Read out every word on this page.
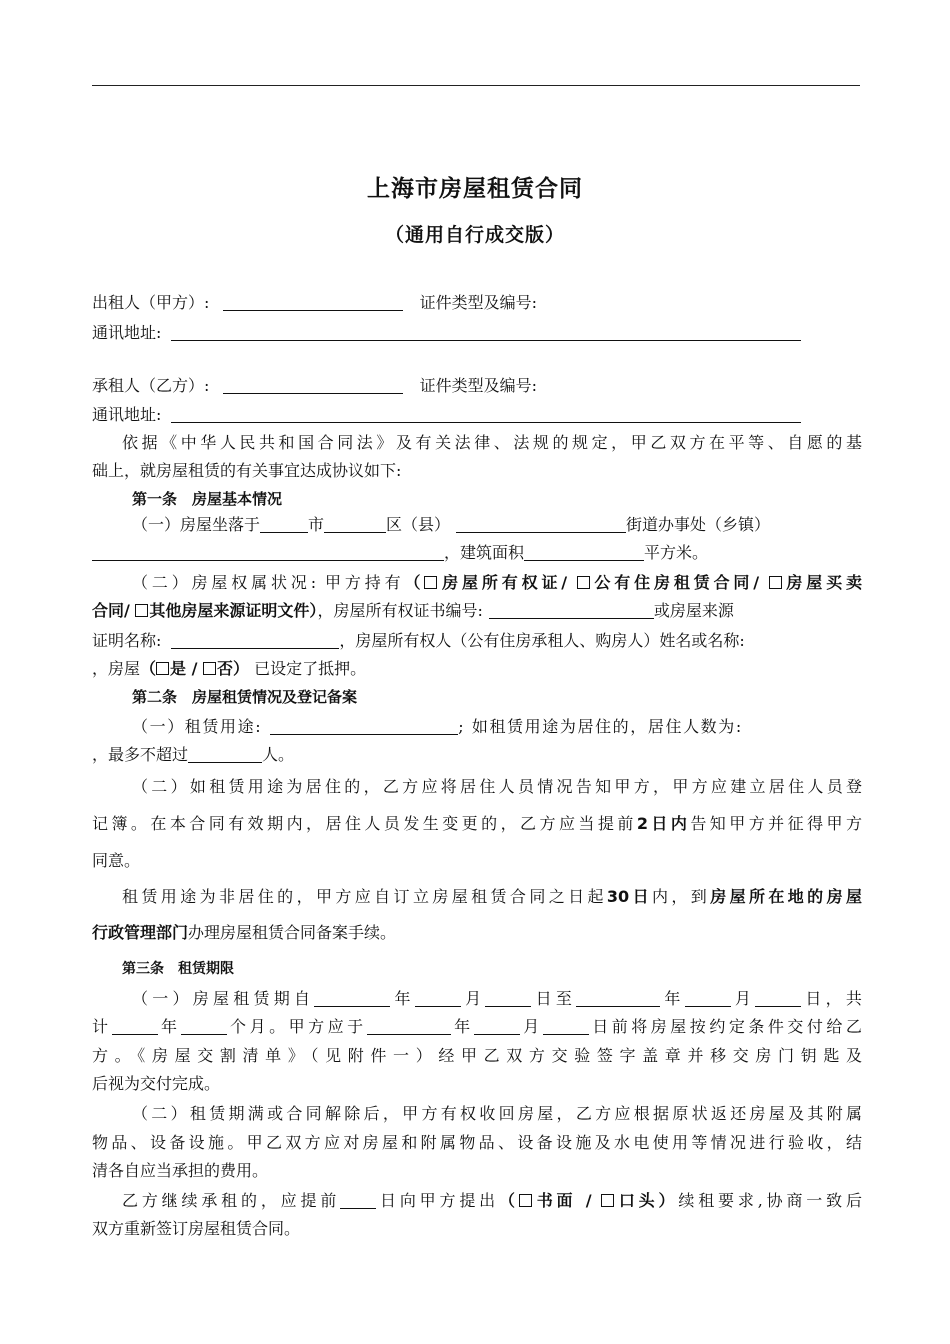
上海市房屋租赁合同
（通用自行成交版）
出租人（甲方）:	证件类型及编号:
通讯地址:
承租人（乙方）:	证件类型及编号:
通讯地址:
依据《中华人民共和国合同法》及有关法律、法规的规定，甲乙双方在平等、自愿的基
础上，就房屋租赁的有关事宜达成协议如下:
第一条　房屋基本情况
（一）房屋坐落于	市	区（县）	街道办事处（乡镇）
，建筑面积	平方米。
（二）房屋权属状况: 甲方持有（ 房屋所有权证/ 公有住房租赁合同/ 房屋买卖
合同/ 其他房屋来源证明文件），房屋所有权证书编号:	或房屋来源
证明名称:	，房屋所有权人（公有住房承租人、购房人）姓名或名称:
，房屋（ 是 / 否） 已设定了抵押。
第二条　房屋租赁情况及登记备案
（一）租赁用途:	; 如租赁用途为居住的，居住人数为:
，最多不超过	人。
（二）如租赁用途为居住的，乙方应将居住人员情况告知甲方，甲方应建立居住人员登
记簿。在本合同有效期内，居住人员发生变更的，乙方应当提前2日内告知甲方并征得甲方
同意。
租赁用途为非居住的，甲方应自订立房屋租赁合同之日起30日内，到房屋所在地的房屋
行政管理部门办理房屋租赁合同备案手续。
第三条　租赁期限
（一）房屋租赁期自	年	月	日至	年	月	日，共
计	年	个月。甲方应于	年	月	日前将房屋按约定条件交付给乙
方。《房屋交割清单》（见附件一）经甲乙双方交验签字盖章并移交房门钥匙及
后视为交付完成。
（二）租赁期满或合同解除后，甲方有权收回房屋，乙方应根据原状返还房屋及其附属
物品、设备设施。甲乙双方应对房屋和附属物品、设备设施及水电使用等情况进行验收，结
清各自应当承担的费用。
乙方继续承租的，应提前 日向甲方提出（ 书面 / 口头）续租要求,协商一致后
双方重新签订房屋租赁合同。
